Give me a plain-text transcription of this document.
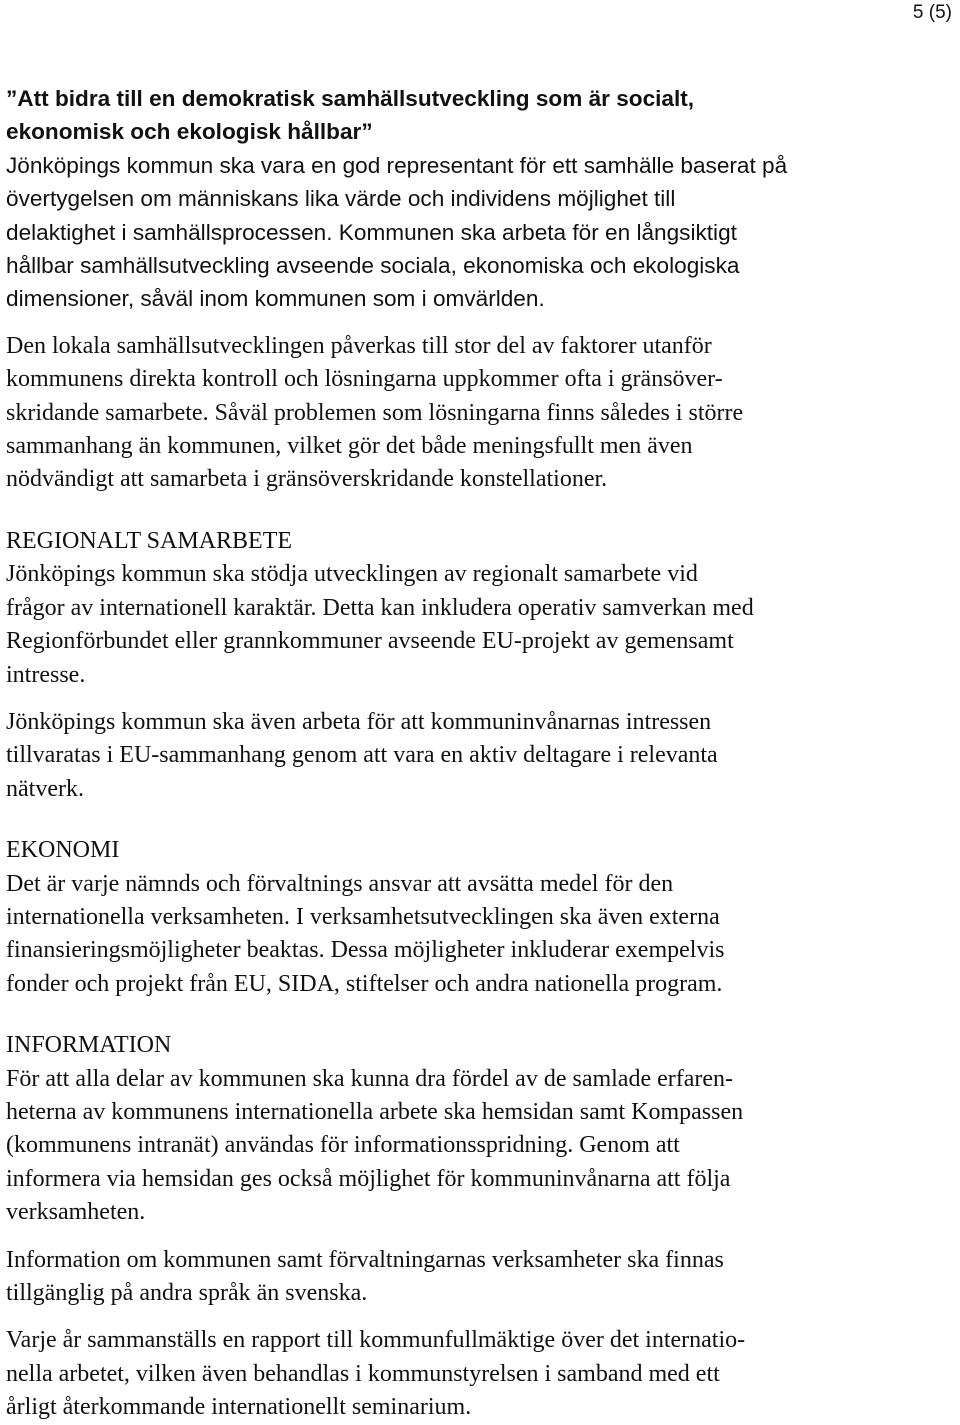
5 (5)

”Att bidra till en demokratisk samhällsutveckling som är socialt,

ekonomisk och ekologisk hållbar”

Jönköpings kommun ska vara en god representant för ett samhälle baserat på

övertygelsen om människans lika värde och individens möjlighet till

delaktighet i samhällsprocessen. Kommunen ska arbeta för en långsiktigt

hållbar samhällsutveckling avseende sociala, ekonomiska och ekologiska

dimensioner, såväl inom kommunen som i omvärlden.

Den lokala samhällsutvecklingen påverkas till stor del av faktorer utanför

kommunens direkta kontroll och lösningarna uppkommer ofta i gränsöver-

skridande samarbete. Såväl problemen som lösningarna finns således i större

sammanhang än kommunen, vilket gör det både meningsfullt men även

nödvändigt att samarbeta i gränsöverskridande konstellationer.

REGIONALT SAMARBETE

Jönköpings kommun ska stödja utvecklingen av regionalt samarbete vid

frågor av internationell karaktär. Detta kan inkludera operativ samverkan med

Regionförbundet eller grannkommuner avseende EU-projekt av gemensamt

intresse.

Jönköpings kommun ska även arbeta för att kommuninvånarnas intressen

tillvaratas i EU-sammanhang genom att vara en aktiv deltagare i relevanta

nätverk.

EKONOMI

Det är varje nämnds och förvaltnings ansvar att avsätta medel för den

internationella verksamheten. I verksamhetsutvecklingen ska även externa

finansieringsmöjligheter beaktas. Dessa möjligheter inkluderar exempelvis

fonder och projekt från EU, SIDA, stiftelser och andra nationella program.

INFORMATION

För att alla delar av kommunen ska kunna dra fördel av de samlade erfaren-

heterna av kommunens internationella arbete ska hemsidan samt Kompassen

(kommunens intranät) användas för informationsspridning. Genom att

informera via hemsidan ges också möjlighet för kommuninvånarna att följa

verksamheten.

Information om kommunen samt förvaltningarnas verksamheter ska finnas

tillgänglig på andra språk än svenska.

Varje år sammanställs en rapport till kommunfullmäktige över det internatio-

nella arbetet, vilken även behandlas i kommunstyrelsen i samband med ett

årligt återkommande internationellt seminarium.
